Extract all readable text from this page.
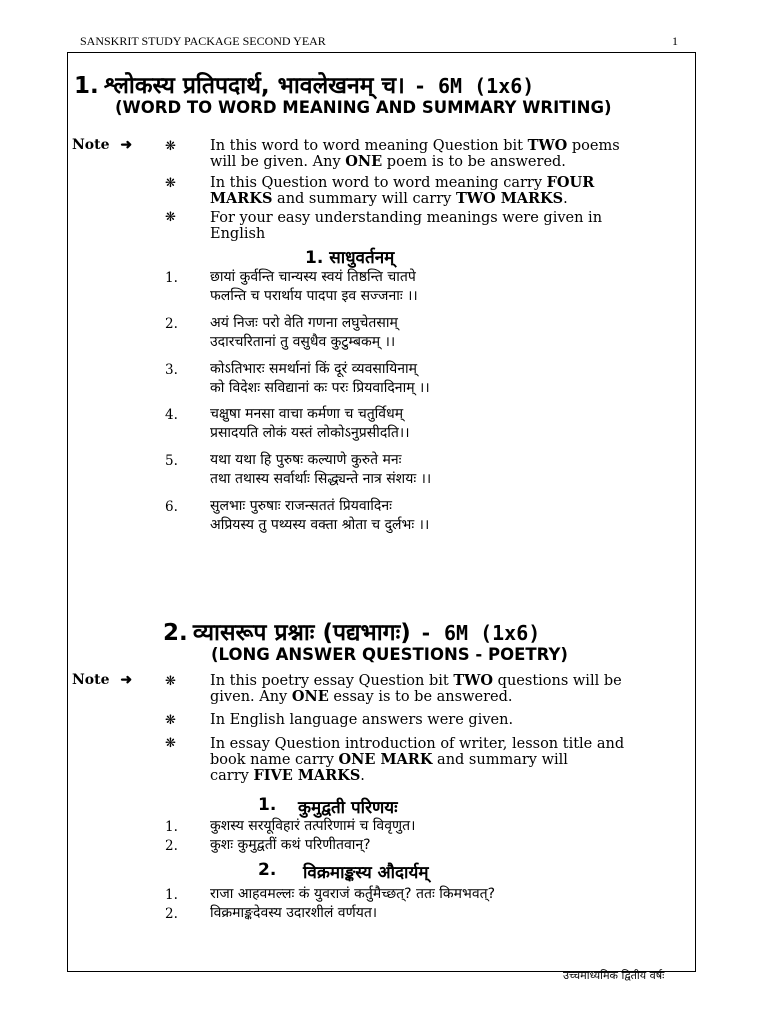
SANSKRIT STUDY PACKAGE SECOND YEAR	1
1. श्लोकस्य प्रतिपदार्थ, भावलेखनम् च। - 6M (1x6)
(WORD TO WORD MEANING AND SUMMARY WRITING)
Note ➜	❋ In this word to word meaning Question bit TWO poems
will be given. Any ONE poem is to be answered.
❋ In this Question word to word meaning carry FOUR
MARKS and summary will carry TWO MARKS.
❋ For your easy understanding meanings were given in
English
1. साधुवर्तनम्
1. छायां कुर्वन्ति चान्यस्य स्वयं तिष्ठन्ति चातपे
फलन्ति च परार्थाय पादपा इव सज्जनाः ।।
2. अयं निजः परो वेति गणना लघुचेतसाम्
उदारचरितानां तु वसुधैव कुटुम्बकम् ।।
3. कोऽतिभारः समर्थानां किं दूरं व्यवसायिनाम्
को विदेशः सविद्यानां कः परः प्रियवादिनाम् ।।
4. चक्षुषा मनसा वाचा कर्मणा च चतुर्विधम्
प्रसादयति लोकं यस्तं लोकोऽनुप्रसीदति।।
5. यथा यथा हि पुरुषः कल्याणे कुरुते मनः
तथा तथास्य सर्वार्थाः सिद्ध्यन्ते नात्र संशयः ।।
6. सुलभाः पुरुषाः राजन्सततं प्रियवादिनः
अप्रियस्य तु पथ्यस्य वक्ता श्रोता च दुर्लभः ।।
2. व्यासरूप प्रश्नाः (पद्यभागः) - 6M (1x6)
(LONG ANSWER QUESTIONS - POETRY)
Note ➜	❋ In this poetry essay Question bit TWO questions will be
given. Any ONE essay is to be answered.
❋ In English language answers were given.
❋ In essay Question introduction of writer, lesson title and
book name carry ONE MARK and summary will
carry FIVE MARKS.
1. कुमुद्वती परिणयः
1. कुशस्य सरयूविहारं तत्परिणामं च विवृणुत।
2. कुशः कुमुद्वतीं कथं परिणीतवान्?
2. विक्रमाङ्कस्य औदार्यम्
1. राजा आहवमल्लः कं युवराजं कर्तुमैच्छत्? ततः किमभवत्?
2. विक्रमाङ्कदेवस्य उदारशीलं वर्णयत।
उच्चमाध्यमिक द्वितीय वर्षः
